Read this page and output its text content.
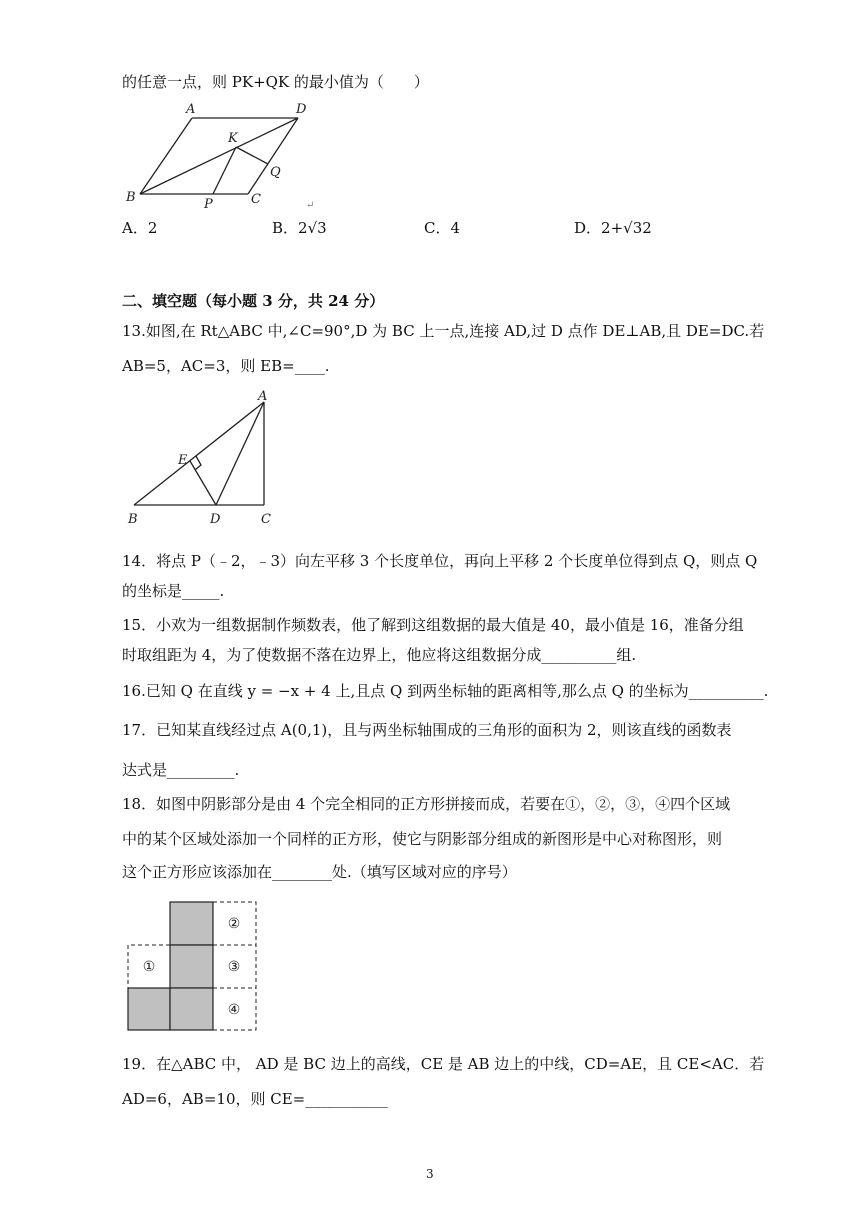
的任意一点，则 PK+QK 的最小值为（　　）
A	D
K
Q
B	P	C	↵
A．2	B．2√3	C．4	D．2+√32
二、填空题（每小题 3 分，共 24 分）
13.如图,在 Rt△ABC 中,∠C=90°,D 为 BC 上一点,连接 AD,过 D 点作 DE⊥AB,且 DE=DC.若
AB=5，AC=3，则 EB=____.
A
E
B	D	C
14．将点 P（﹣2，﹣3）向左平移 3 个长度单位，再向上平移 2 个长度单位得到点 Q，则点 Q
的坐标是_____.
15．小欢为一组数据制作频数表，他了解到这组数据的最大值是 40，最小值是 16，准备分组
时取组距为 4，为了使数据不落在边界上，他应将这组数据分成__________组.
16.已知 Q 在直线 y = −x + 4 上,且点 Q 到两坐标轴的距离相等,那么点 Q 的坐标为__________.
17．已知某直线经过点 A(0,1)，且与两坐标轴围成的三角形的面积为 2，则该直线的函数表
达式是_________.
18．如图中阴影部分是由 4 个完全相同的正方形拼接而成，若要在①，②，③，④四个区域
中的某个区域处添加一个同样的正方形，使它与阴影部分组成的新图形是中心对称图形，则
这个正方形应该添加在________处.（填写区域对应的序号）
①
②
③
④
19．在△ABC 中， AD 是 BC 边上的高线，CE 是 AB 边上的中线，CD=AE，且 CE<AC．若
AD=6，AB=10，则 CE=___________
3
